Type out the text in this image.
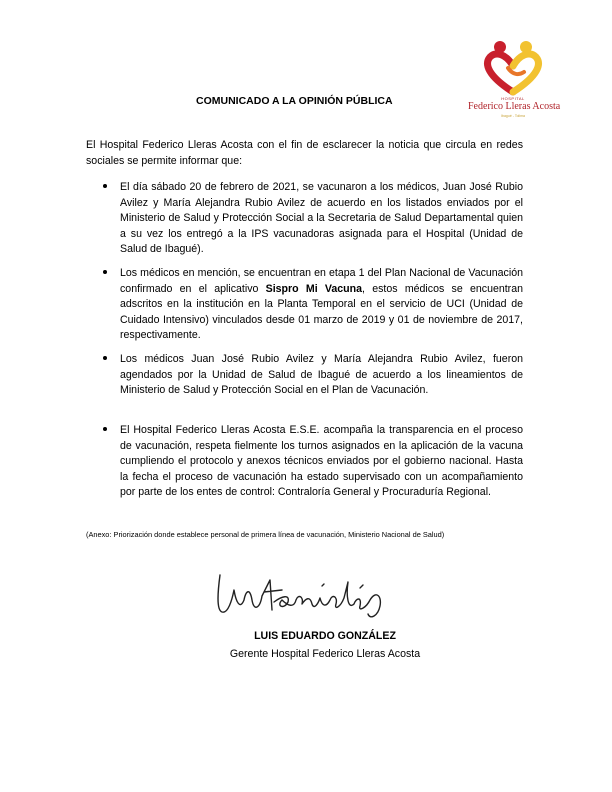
HOSPITAL
Federico Lleras Acosta
Ibagué - Tolima
COMUNICADO A LA OPINIÓN PÚBLICA

El Hospital Federico Lleras Acosta con el fin de esclarecer la noticia que circula en redes sociales se permite informar que:

El día sábado 20 de febrero de 2021, se vacunaron a los médicos, Juan José Rubio Avilez y María Alejandra Rubio Avilez de acuerdo en los listados enviados por el Ministerio de Salud y Protección Social a la Secretaria de Salud Departamental quien a su vez los entregó a la IPS vacunadoras asignada para el Hospital (Unidad de Salud de Ibagué).
Los médicos en mención, se encuentran en etapa 1 del Plan Nacional de Vacunación confirmado en el aplicativo Sispro Mi Vacuna, estos médicos se encuentran adscritos en la institución en la Planta Temporal en el servicio de UCI (Unidad de Cuidado Intensivo) vinculados desde 01 marzo de 2019 y 01 de noviembre de 2017, respectivamente.
Los médicos Juan José Rubio Avilez y María Alejandra Rubio Avilez, fueron agendados por la Unidad de Salud de Ibagué de acuerdo a los lineamientos de Ministerio de Salud y Protección Social en el Plan de Vacunación.
El Hospital Federico Lleras Acosta E.S.E. acompaña la transparencia en el proceso de vacunación, respeta fielmente los turnos asignados en la aplicación de la vacuna cumpliendo el protocolo y anexos técnicos enviados por el gobierno nacional. Hasta la fecha el proceso de vacunación ha estado supervisado con un acompañamiento por parte de los entes de control: Contraloría General y Procuraduría Regional.

(Anexo: Priorización donde establece personal de primera línea de vacunación, Ministerio Nacional de Salud)

LUIS EDUARDO GONZÁLEZ

Gerente Hospital Federico Lleras Acosta
